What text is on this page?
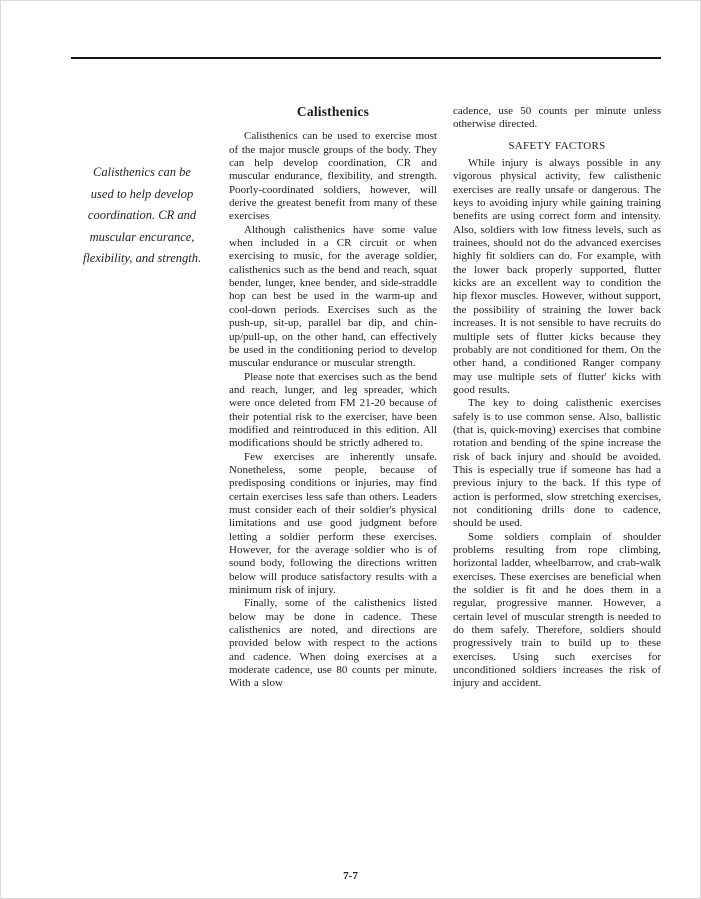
Calisthenics can be
used to help develop
coordination. CR and
muscular encurance,
flexibility, and strength.
Calisthenics

Calisthenics can be used to exercise most of the major muscle groups of the body. They can help develop coordination, CR and muscular endurance, flexibility, and strength. Poorly-coordinated soldiers, however, will derive the greatest benefit from many of these exercises

Although calisthenics have some value when included in a CR circuit or when exercising to music, for the average soldier, calisthenics such as the bend and reach, squat bender, lunger, knee bender, and side-straddle hop can best be used in the warm-up and cool-down periods. Exercises such as the push-up, sit-up, parallel bar dip, and chin-up/pull-up, on the other hand, can effectively be used in the conditioning period to develop muscular endurance or muscular strength.

Please note that exercises such as the bend and reach, lunger, and leg spreader, which were once deleted from FM 21-20 because of their potential risk to the exerciser, have been modified and reintroduced in this edition. All modifications should be strictly adhered to.

Few exercises are inherently unsafe. Nonetheless, some people, because of predisposing conditions or injuries, may find certain exercises less safe than others. Leaders must consider each of their soldier's physical limitations and use good judgment before letting a soldier perform these exercises. However, for the average soldier who is of sound body, following the directions written below will produce satisfactory results with a minimum risk of injury.

Finally, some of the calisthenics listed below may be done in cadence. These calisthenics are noted, and directions are provided below with respect to the actions and cadence. When doing exercises at a moderate cadence, use 80 counts per minute. With a slow

cadence, use 50 counts per minute unless otherwise directed.

SAFETY FACTORS

While injury is always possible in any vigorous physical activity, few calisthenic exercises are really unsafe or dangerous. The keys to avoiding injury while gaining training benefits are using correct form and intensity. Also, soldiers with low fitness levels, such as trainees, should not do the advanced exercises highly fit soldiers can do. For example, with the lower back properly supported, flutter kicks are an excellent way to condition the hip flexor muscles. However, without support, the possibility of straining the lower back increases. It is not sensible to have recruits do multiple sets of flutter kicks because they probably are not conditioned for them. On the other hand, a conditioned Ranger company may use multiple sets of flutter' kicks with good results.

The key to doing calisthenic exercises safely is to use common sense. Also, ballistic (that is, quick-moving) exercises that combine rotation and bending of the spine increase the risk of back injury and should be avoided. This is especially true if someone has had a previous injury to the back. If this type of action is performed, slow stretching exercises, not conditioning drills done to cadence, should be used.

Some soldiers complain of shoulder problems resulting from rope climbing, horizontal ladder, wheelbarrow, and crab-walk exercises. These exercises are beneficial when the soldier is fit and he does them in a regular, progressive manner. However, a certain level of muscular strength is needed to do them safely. Therefore, soldiers should progressively train to build up to these exercises. Using such exercises for unconditioned soldiers increases the risk of injury and accident.

7-7
